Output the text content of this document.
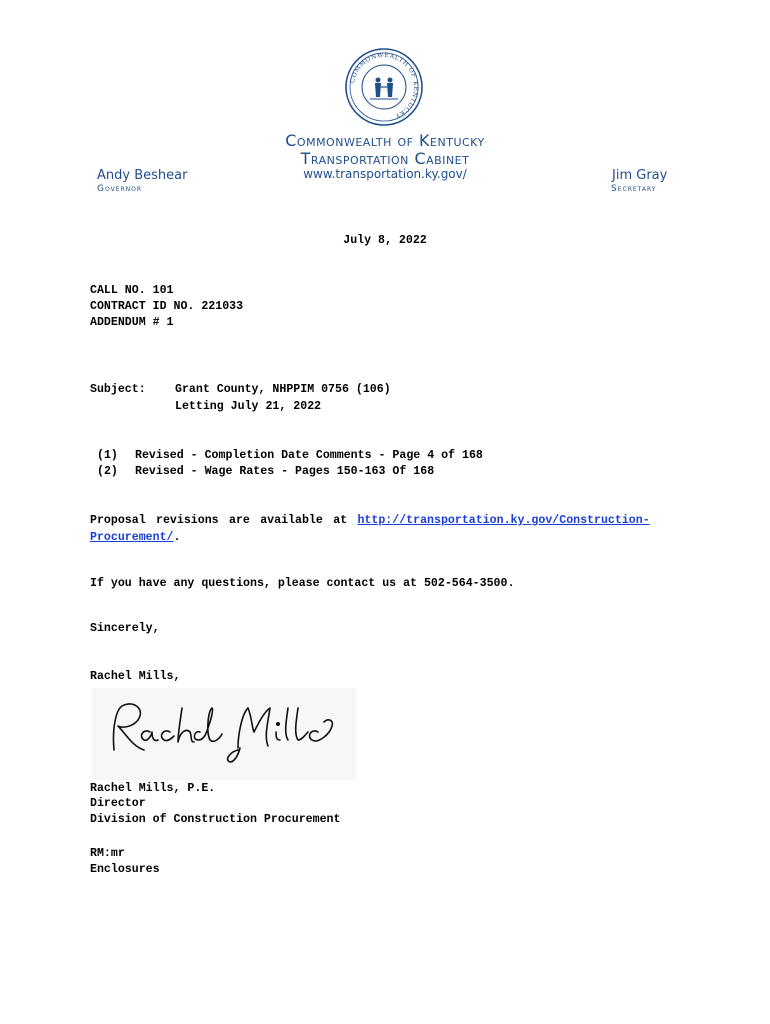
COMMONWEALTH OF KENTUCKY
Commonwealth of Kentucky
Transportation Cabinet
www.transportation.ky.gov/
Andy Beshear
Governor
Jim Gray
Secretary
July 8, 2022
CALL NO. 101
CONTRACT ID NO. 221033
ADDENDUM # 1
Subject:	Grant County, NHPPIM 0756 (106)
Letting July 21, 2022
(1) Revised - Completion Date Comments - Page 4 of 168
(2) Revised - Wage Rates - Pages 150-163 Of 168
Proposal revisions are available at http://transportation.ky.gov/Construction-
Procurement/.
If you have any questions, please contact us at 502-564-3500.
Sincerely,
Rachel Mills,
Rachel Mills, P.E.
Director
Division of Construction Procurement
RM:mr
Enclosures
